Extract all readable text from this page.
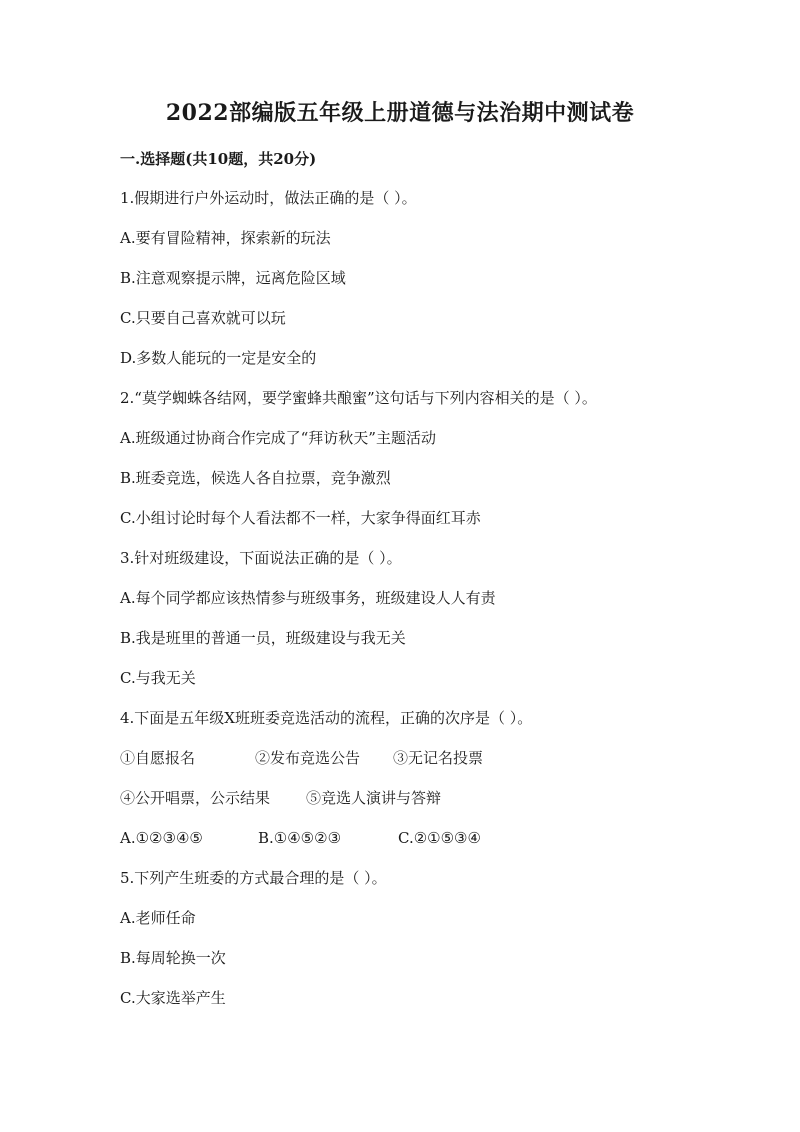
2022部编版五年级上册道德与法治期中测试卷
一.选择题(共10题，共20分)
1.假期进行户外运动时，做法正确的是（ ）。
A.要有冒险精神，探索新的玩法
B.注意观察提示牌，远离危险区域
C.只要自己喜欢就可以玩
D.多数人能玩的一定是安全的
2.“莫学蜘蛛各结网，要学蜜蜂共酿蜜”这句话与下列内容相关的是（ ）。
A.班级通过协商合作完成了“拜访秋天”主题活动
B.班委竞选，候选人各自拉票，竞争激烈
C.小组讨论时每个人看法都不一样，大家争得面红耳赤
3.针对班级建设，下面说法正确的是（ ）。
A.每个同学都应该热情参与班级事务，班级建设人人有责
B.我是班里的普通一员，班级建设与我无关
C.与我无关
4.下面是五年级X班班委竞选活动的流程，正确的次序是（ ）。
①自愿报名	②发布竞选公告	③无记名投票
④公开唱票，公示结果	⑤竞选人演讲与答辩
A.①②③④⑤	B.①④⑤②③	C.②①⑤③④
5.下列产生班委的方式最合理的是（ ）。
A.老师任命
B.每周轮换一次
C.大家选举产生
